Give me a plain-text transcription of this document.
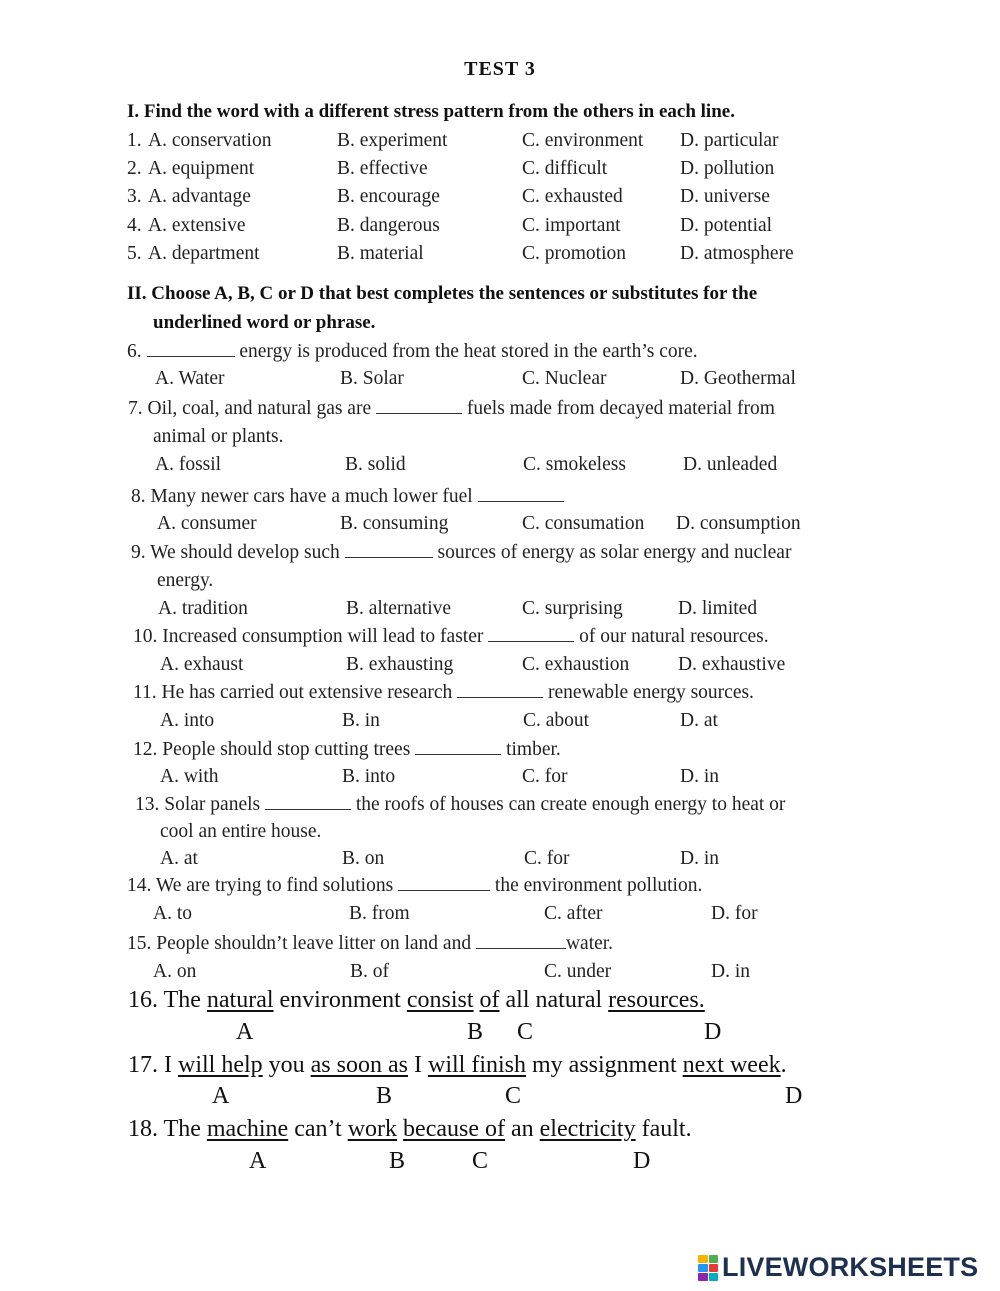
TEST 3
I. Find the word with a different stress pattern from the others in each line.
1. A. conservation	B. experiment	C. environment D. particular
2. A. equipment	B. effective	C. difficult	D. pollution
3. A. advantage	B. encourage	C. exhausted	D. universe
4. A. extensive	B. dangerous	C. important	D. potential
5. A. department	B. material	C. promotion	D. atmosphere
II. Choose A, B, C or D that best completes the sentences or substitutes for the
underlined word or phrase.
6.	energy is produced from the heat stored in the earth’s core.
A. Water	B. Solar	C. Nuclear	D. Geothermal
7. Oil, coal, and natural gas are	fuels made from decayed material from
animal or plants.
A. fossil	B. solid	C. smokeless	D. unleaded
8. Many newer cars have a much lower fuel
A. consumer	B. consuming	C. consumation D. consumption
9. We should develop such	sources of energy as solar energy and nuclear
energy.
A. tradition	B. alternative	C. surprising	D. limited
10. Increased consumption will lead to faster	of our natural resources.
A. exhaust	B. exhausting	C. exhaustion	D. exhaustive
11. He has carried out extensive research	renewable energy sources.
A. into	B. in	C. about	D. at
12. People should stop cutting trees	timber.
A. with	B. into	C. for	D. in
13. Solar panels	the roofs of houses can create enough energy to heat or
cool an entire house.
A. at	B. on	C. for	D. in
14. We are trying to find solutions	the environment pollution.
A. to	B. from	C. after	D. for
15. People shouldn’t leave litter on land and	water.
A. on	B. of	C. under	D. in
16. The natural environment consist of all natural resources.
A	B C	D
17. I will help you as soon as I will finish my assignment next week.
A	B	C	D
18. The machine can’t work because of an electricity fault.
A	B	C	D
LIVEWORKSHEETS
